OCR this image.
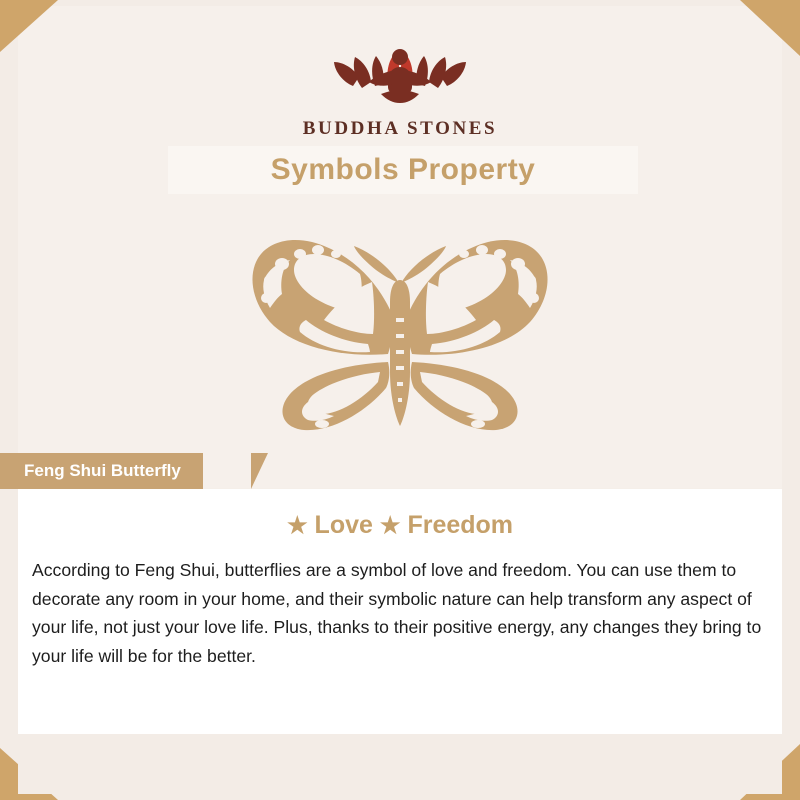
BUDDHA STONES
Symbols Property
Feng Shui Butterfly
★ Love ★ Freedom

According to Feng Shui, butterflies are a symbol of love and freedom. You can use them to decorate any room in your home, and their symbolic nature can help transform any aspect of your life, not just your love life. Plus, thanks to their positive energy, any changes they bring to your life will be for the better.
